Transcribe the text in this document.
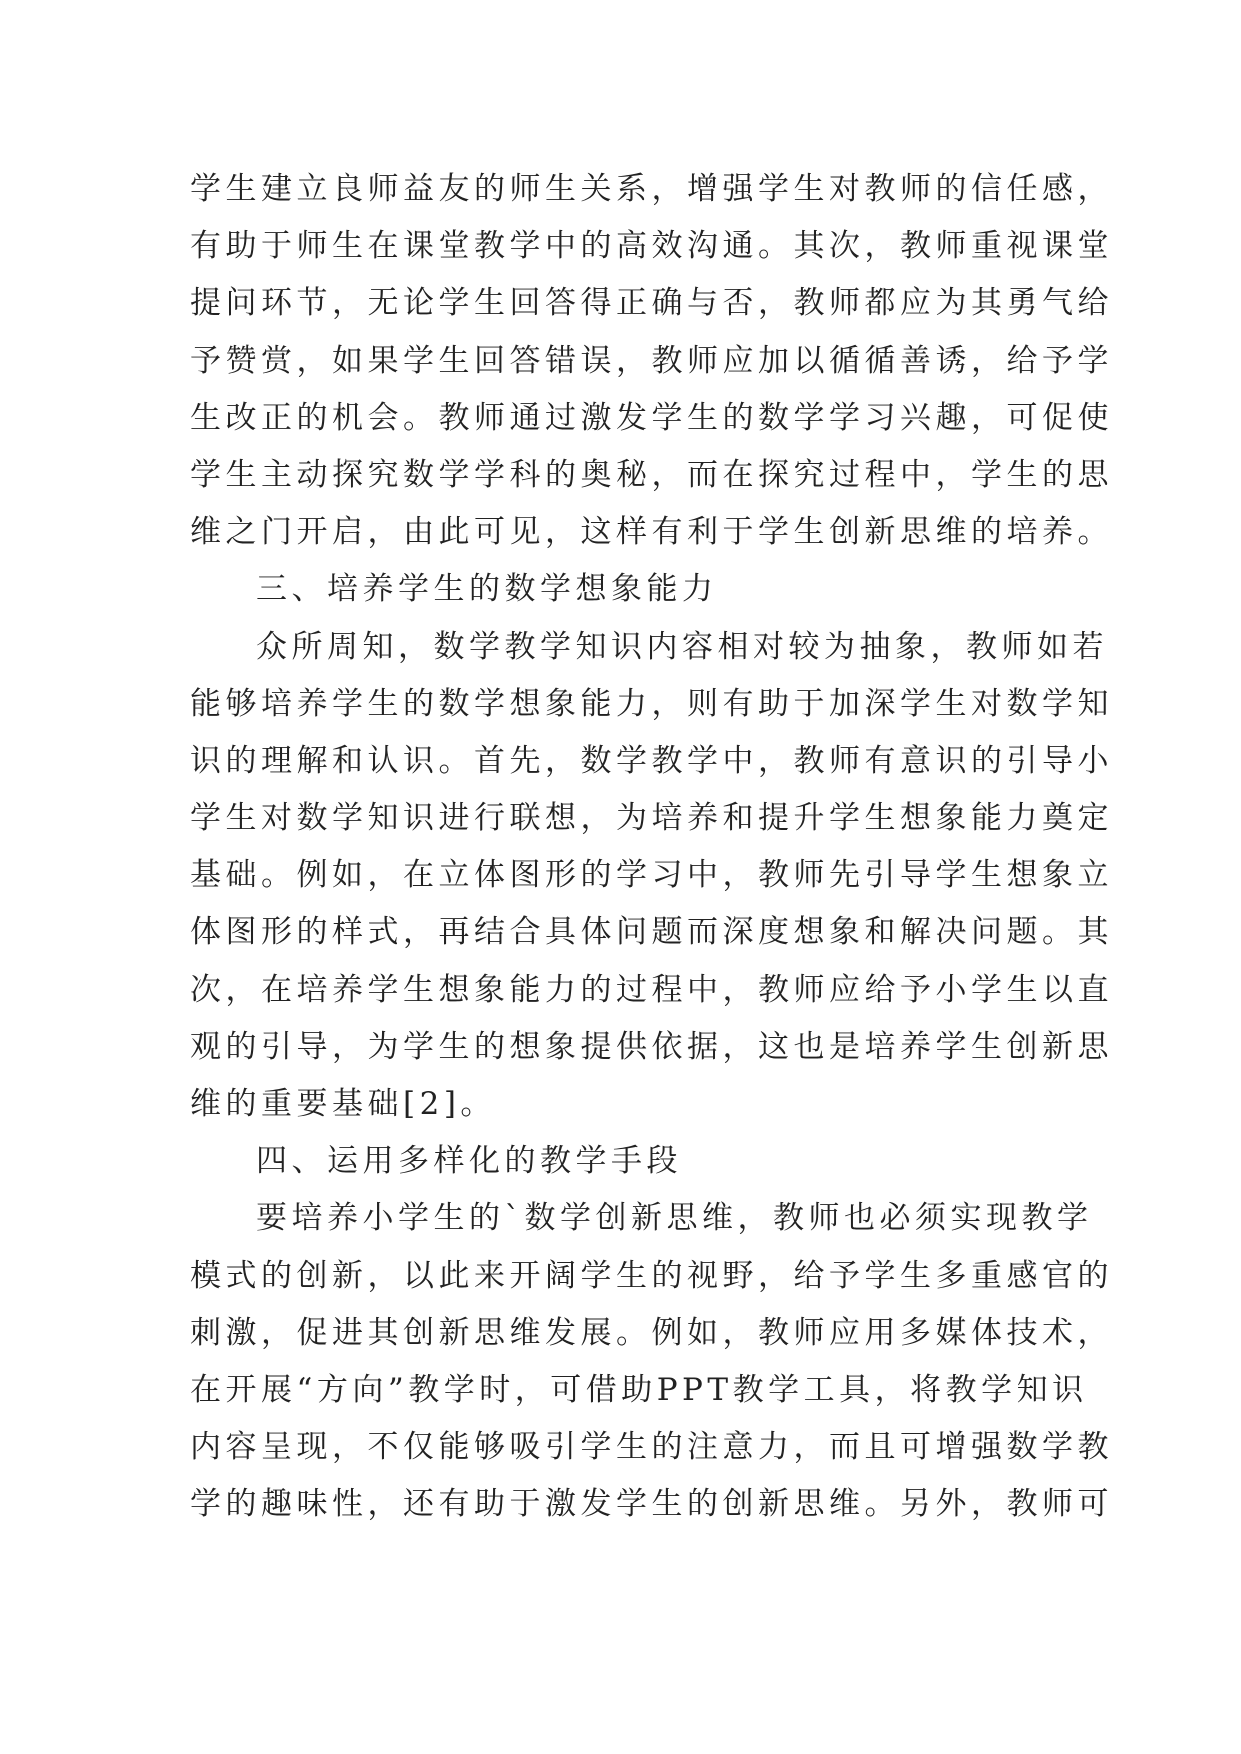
学生建立良师益友的师生关系，增强学生对教师的信任感，
有助于师生在课堂教学中的高效沟通。其次，教师重视课堂
提问环节，无论学生回答得正确与否，教师都应为其勇气给
予赞赏，如果学生回答错误，教师应加以循循善诱，给予学
生改正的机会。教师通过激发学生的数学学习兴趣，可促使
学生主动探究数学学科的奥秘，而在探究过程中，学生的思
维之门开启，由此可见，这样有利于学生创新思维的培养。
三、培养学生的数学想象能力
众所周知，数学教学知识内容相对较为抽象，教师如若
能够培养学生的数学想象能力，则有助于加深学生对数学知
识的理解和认识。首先，数学教学中，教师有意识的引导小
学生对数学知识进行联想，为培养和提升学生想象能力奠定
基础。例如，在立体图形的学习中，教师先引导学生想象立
体图形的样式，再结合具体问题而深度想象和解决问题。其
次，在培养学生想象能力的过程中，教师应给予小学生以直
观的引导，为学生的想象提供依据，这也是培养学生创新思
维的重要基础[2]。
四、运用多样化的教学手段
要培养小学生的`数学创新思维，教师也必须实现教学
模式的创新，以此来开阔学生的视野，给予学生多重感官的
刺激，促进其创新思维发展。例如，教师应用多媒体技术，
在开展“方向”教学时，可借助PPT教学工具，将教学知识
内容呈现，不仅能够吸引学生的注意力，而且可增强数学教
学的趣味性，还有助于激发学生的创新思维。另外，教师可
